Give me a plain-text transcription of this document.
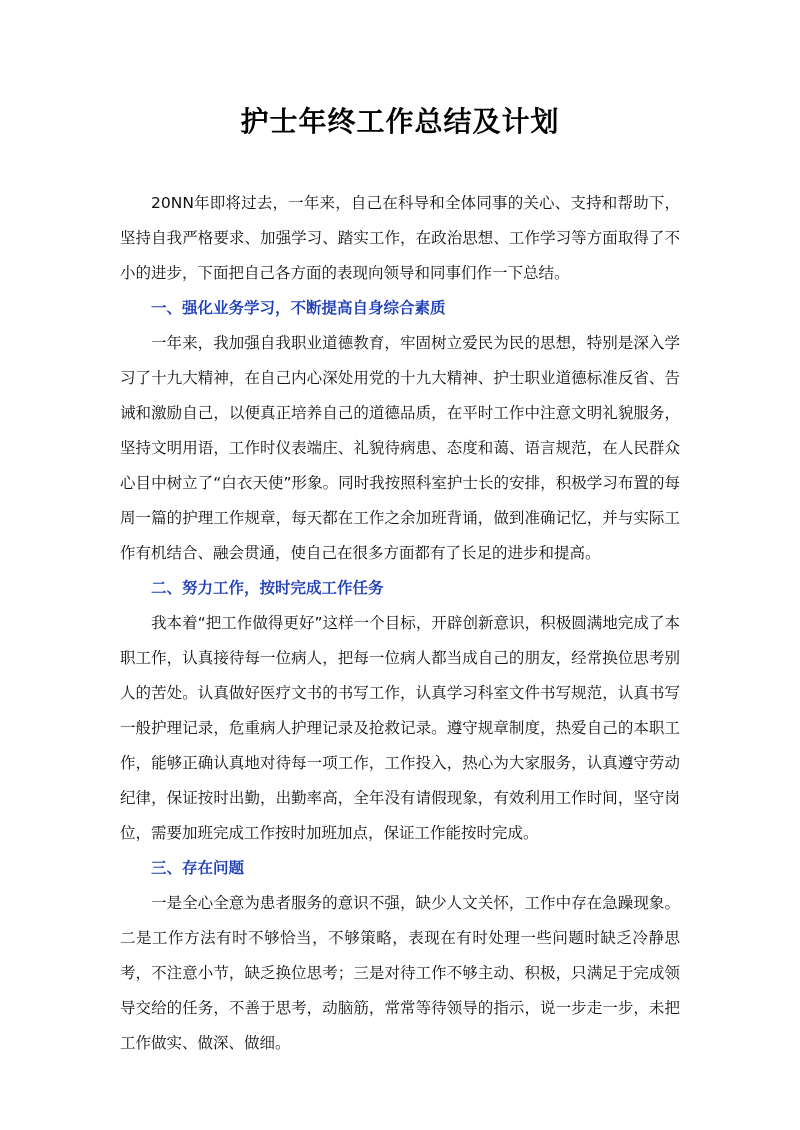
护士年终工作总结及计划

20NN年即将过去，一年来，自己在科导和全体同事的关心、支持和帮助下，坚持自我严格要求、加强学习、踏实工作，在政治思想、工作学习等方面取得了不小的进步，下面把自己各方面的表现向领导和同事们作一下总结。

一、强化业务学习，不断提高自身综合素质

一年来，我加强自我职业道德教育，牢固树立爱民为民的思想，特别是深入学习了十九大精神，在自己内心深处用党的十九大精神、护士职业道德标准反省、告诫和激励自己，以便真正培养自己的道德品质，在平时工作中注意文明礼貌服务，坚持文明用语，工作时仪表端庄、礼貌待病患、态度和蔼、语言规范，在人民群众心目中树立了“白衣天使”形象。同时我按照科室护士长的安排，积极学习布置的每周一篇的护理工作规章，每天都在工作之余加班背诵，做到准确记忆，并与实际工作有机结合、融会贯通，使自己在很多方面都有了长足的进步和提高。

二、努力工作，按时完成工作任务

我本着“把工作做得更好”这样一个目标，开辟创新意识，积极圆满地完成了本职工作，认真接待每一位病人，把每一位病人都当成自己的朋友，经常换位思考别人的苦处。认真做好医疗文书的书写工作，认真学习科室文件书写规范，认真书写一般护理记录，危重病人护理记录及抢救记录。遵守规章制度，热爱自己的本职工作，能够正确认真地对待每一项工作，工作投入，热心为大家服务，认真遵守劳动纪律，保证按时出勤，出勤率高，全年没有请假现象，有效利用工作时间，坚守岗位，需要加班完成工作按时加班加点，保证工作能按时完成。

三、存在问题

一是全心全意为患者服务的意识不强，缺少人文关怀，工作中存在急躁现象。二是工作方法有时不够恰当，不够策略，表现在有时处理一些问题时缺乏冷静思考，不注意小节，缺乏换位思考；三是对待工作不够主动、积极，只满足于完成领导交给的任务，不善于思考，动脑筋，常常等待领导的指示，说一步走一步，未把工作做实、做深、做细。
